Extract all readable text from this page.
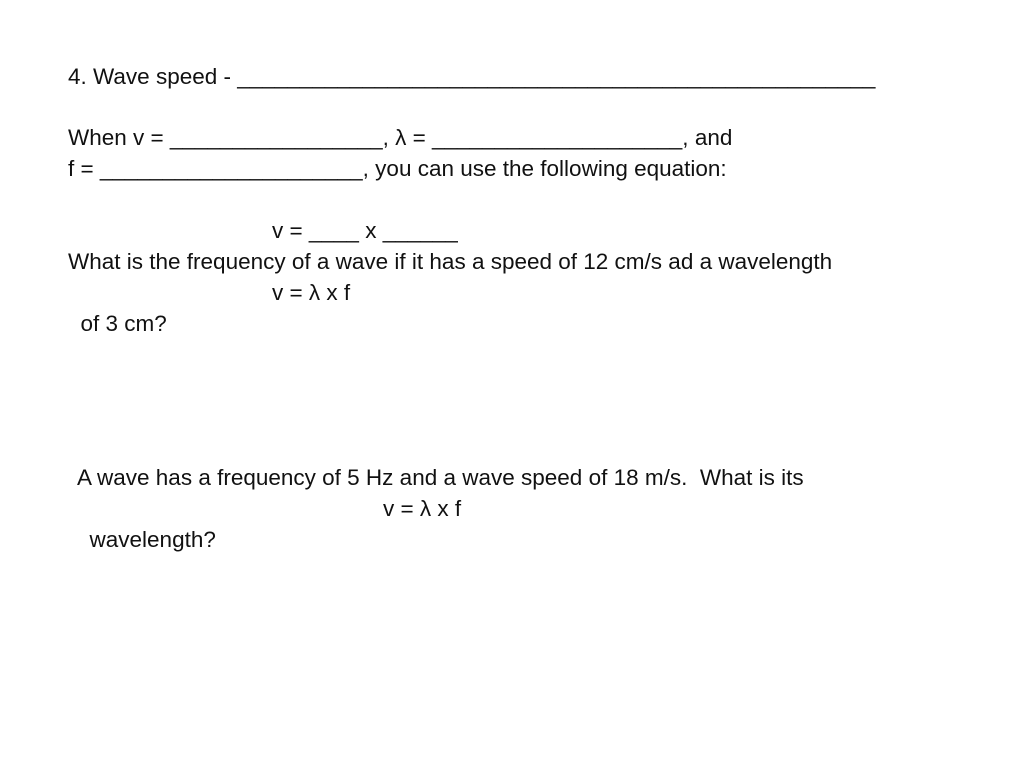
4. Wave speed - ___________________________________________________
When v = _________________, λ = ____________________, and
f = _____________________, you can use the following equation:
v = ____ x ______
What is the frequency of a wave if it has a speed of 12 cm/s ad a wavelength

of 3 cm?

v = λ x f

A wave has a frequency of 5 Hz and a wave speed of 18 m/s.  What is its

wavelength?

v = λ x f
